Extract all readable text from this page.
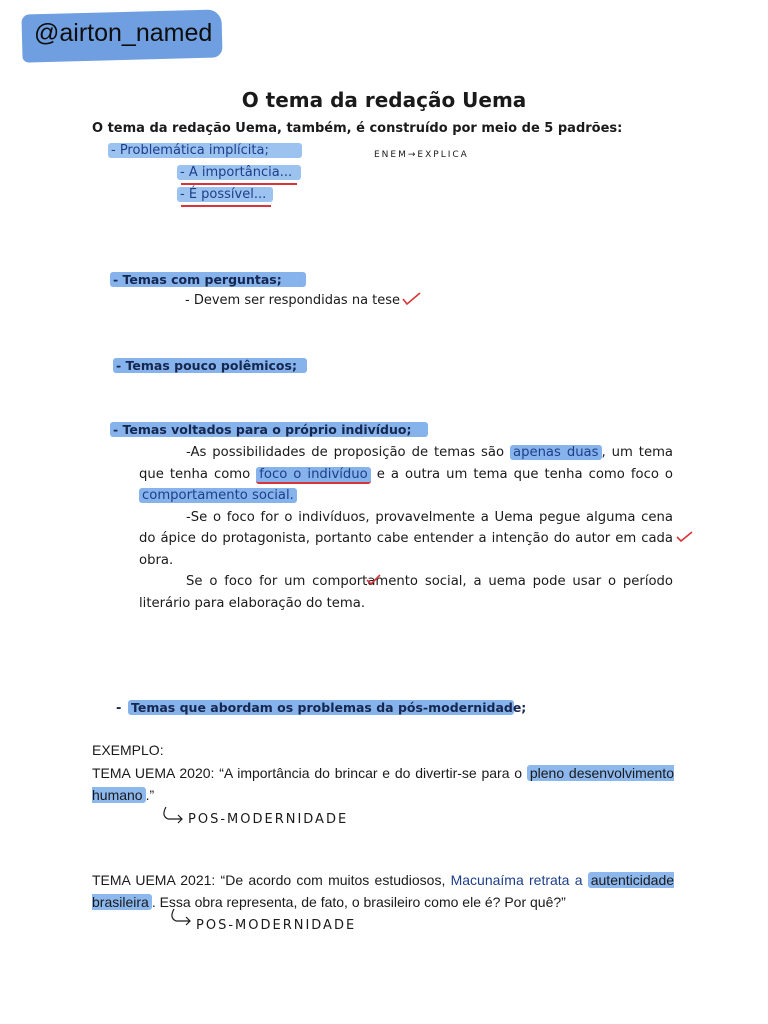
@airton_named
O tema da redação Uema
O tema da redação Uema, também, é construído por meio de 5 padrões:
- Problemática implícita;	ENEM→EXPLICA
- A importância...
- É possível...
- Temas com perguntas;
- Devem ser respondidas na tese
- Temas pouco polêmicos;
- Temas voltados para o próprio indivíduo;

-As possibilidades de proposição de temas são apenas duas , um tema que tenha como foco o indivíduo e a outra um tema que tenha como foco o comportamento social.

-Se o foco for o indivíduos, provavelmente a Uema pegue alguma cena do ápice do protagonista, portanto cabe entender a intenção do autor em cada obra.

Se o foco for um comportamento social, a uema pode usar o período literário para elaboração do tema.

- Temas que abordam os problemas da pós-modernidade;
EXEMPLO:

TEMA UEMA 2020: “A importância do brincar e do divertir-se para o pleno desenvolvimento humano .”

POS-MODERNIDADE

TEMA UEMA 2021: “De acordo com muitos estudiosos, Macunaíma retrata a autenticidade brasileira . Essa obra representa, de fato, o brasileiro como ele é? Por quê?”

POS-MODERNIDADE
